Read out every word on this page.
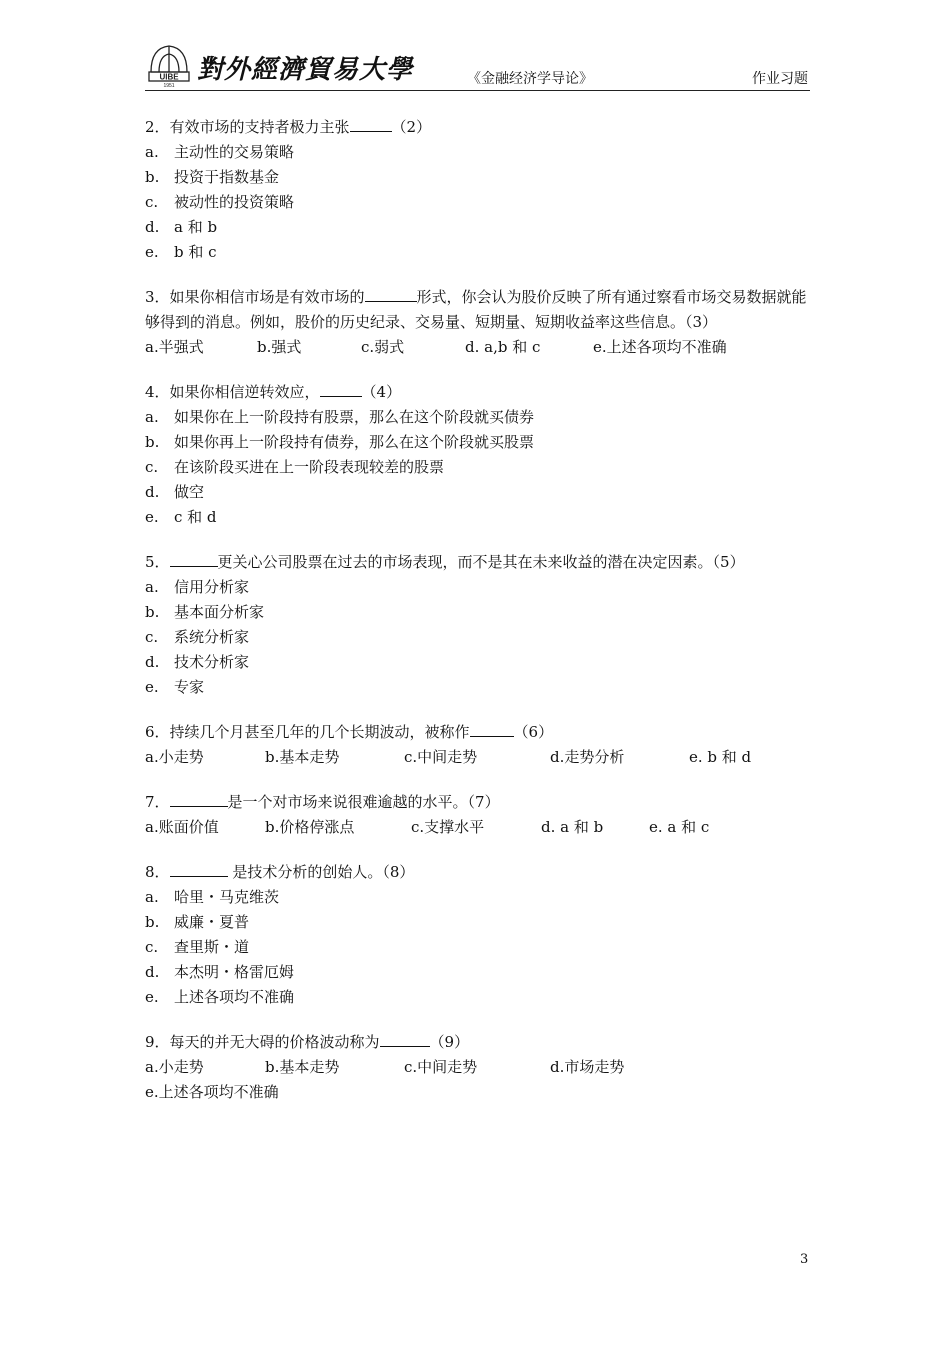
UIBE
1951
對外經濟貿易大學	《金融经济学导论》	作业习题

2．有效市场的支持者极力主张	（2）

a.	主动性的交易策略
b. 投资于指数基金
c.	被动性的投资策略
d. a 和 b
e.	b 和 c

3．如果你相信市场是有效市场的	形式，你会认为股价反映了所有通过察看市场交易数据就能够得到的消息。例如，股价的历史纪录、交易量、短期量、短期收益率这些信息。（3）

a.半强式	b.强式	c.弱式	d. a,b 和 c	e.上述各项均不准确

4．如果你相信逆转效应，	（4）

a.	如果你在上一阶段持有股票，那么在这个阶段就买债券
b. 如果你再上一阶段持有债券，那么在这个阶段就买股票
c.	在该阶段买进在上一阶段表现较差的股票
d. 做空
e.	c 和 d

5．	更关心公司股票在过去的市场表现，而不是其在未来收益的潜在决定因素。（5）

a.	信用分析家
b. 基本面分析家
c.	系统分析家
d. 技术分析家
e.	专家

6．持续几个月甚至几年的几个长期波动，被称作	（6）

a.小走势	b.基本走势	c.中间走势	d.走势分析	e. b 和 d

7．	是一个对市场来说很难逾越的水平。（7）

a.账面价值	b.价格停涨点	c.支撑水平	d. a 和 b	e. a 和 c

8．	是技术分析的创始人。（8）

a.	哈里・马克维茨
b. 威廉・夏普
c.	查里斯・道
d. 本杰明・格雷厄姆
e.	上述各项均不准确

9．每天的并无大碍的价格波动称为	（9）

a.小走势	b.基本走势	c.中间走势	d.市场走势
e.上述各项均不准确
3
